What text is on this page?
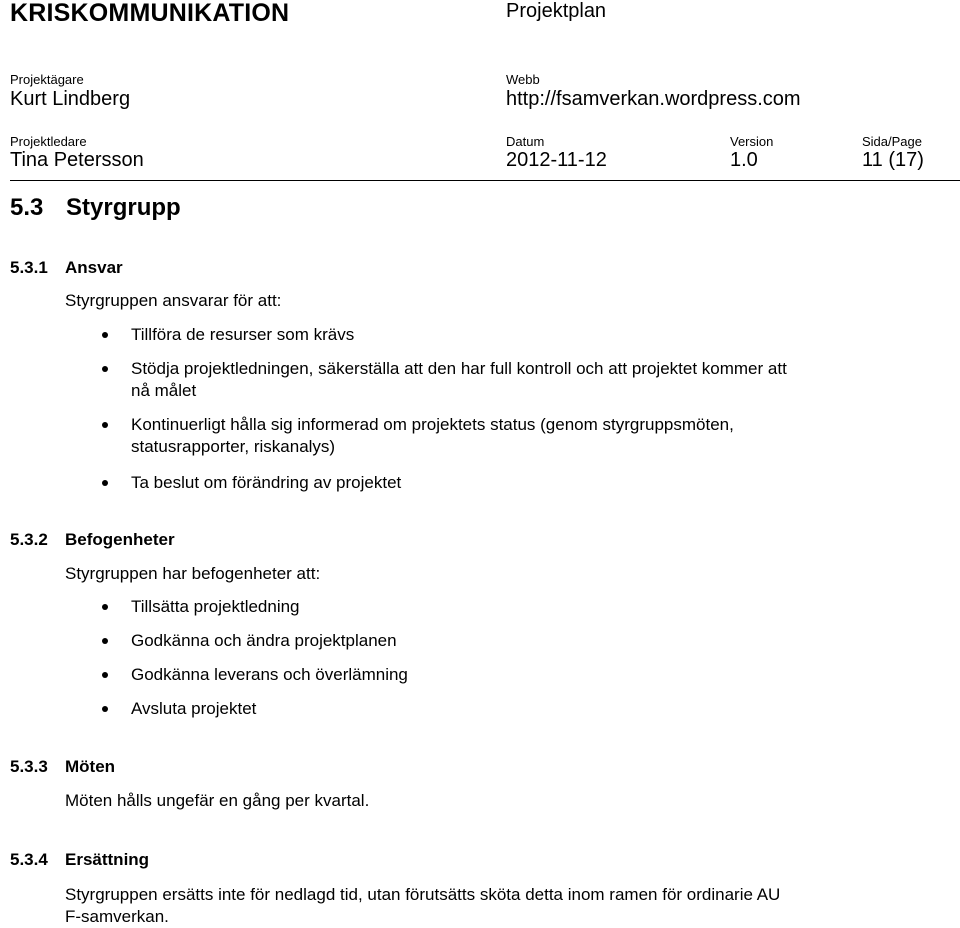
KRISKOMMUNIKATION	Projektplan
Projektägare
Kurt Lindberg
Webb
http://fsamverkan.wordpress.com
Projektledare
Tina Petersson
Datum
2012-11-12
Version
1.0
Sida/Page
11 (17)
5.3 Styrgrupp
5.3.1 Ansvar
Styrgruppen ansvarar för att:
Tillföra de resurser som krävs
Stödja projektledningen, säkerställa att den har full kontroll och att projektet kommer att
nå målet
Kontinuerligt hålla sig informerad om projektets status (genom styrgruppsmöten,
statusrapporter, riskanalys)
Ta beslut om förändring av projektet
5.3.2 Befogenheter
Styrgruppen har befogenheter att:
Tillsätta projektledning
Godkänna och ändra projektplanen
Godkänna leverans och överlämning
Avsluta projektet
5.3.3 Möten
Möten hålls ungefär en gång per kvartal.
5.3.4 Ersättning
Styrgruppen ersätts inte för nedlagd tid, utan förutsätts sköta detta inom ramen för ordinarie AU
F-samverkan.
